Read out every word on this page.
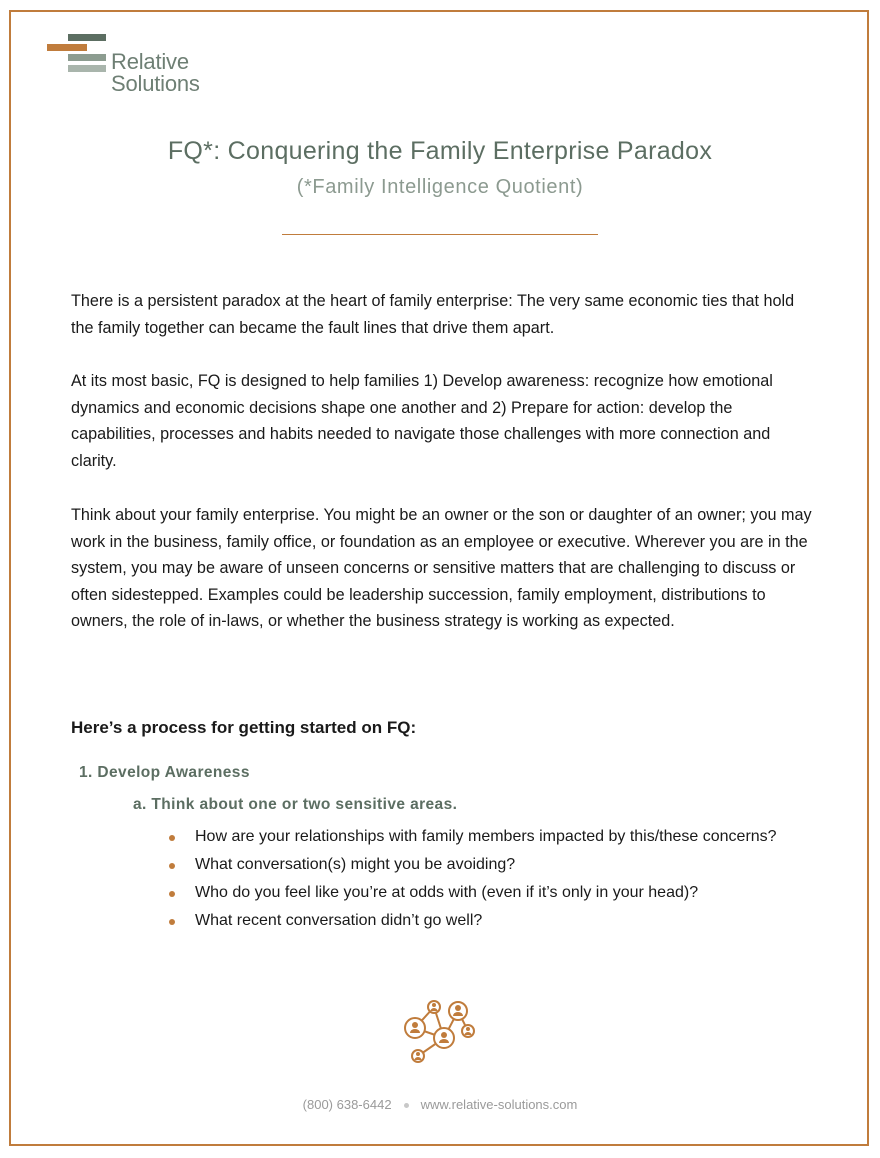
Relative
Solutions
FQ*: Conquering the Family Enterprise Paradox
(*Family Intelligence Quotient)

There is a persistent paradox at the heart of family enterprise: The very same economic ties that hold the family together can became the fault lines that drive them apart.

At its most basic, FQ is designed to help families 1) Develop awareness: recognize how emotional dynamics and economic decisions shape one another and 2) Prepare for action: develop the capabilities, processes and habits needed to navigate those challenges with more connection and clarity.

Think about your family enterprise. You might be an owner or the son or daughter of an owner; you may work in the business, family office, or foundation as an employee or executive. Wherever you are in the system, you may be aware of unseen concerns or sensitive matters that are challenging to discuss or often sidestepped. Examples could be leadership succession, family employment, distributions to owners, the role of in-laws, or whether the business strategy is working as expected.

Here’s a process for getting started on FQ:
1. Develop Awareness
a. Think about one or two sensitive areas.
How are your relationships with family members impacted by this/these concerns?
What conversation(s) might you be avoiding?
Who do you feel like you’re at odds with (even if it’s only in your head)?
What recent conversation didn’t go well?
(800) 638-6442 www.relative-solutions.com
